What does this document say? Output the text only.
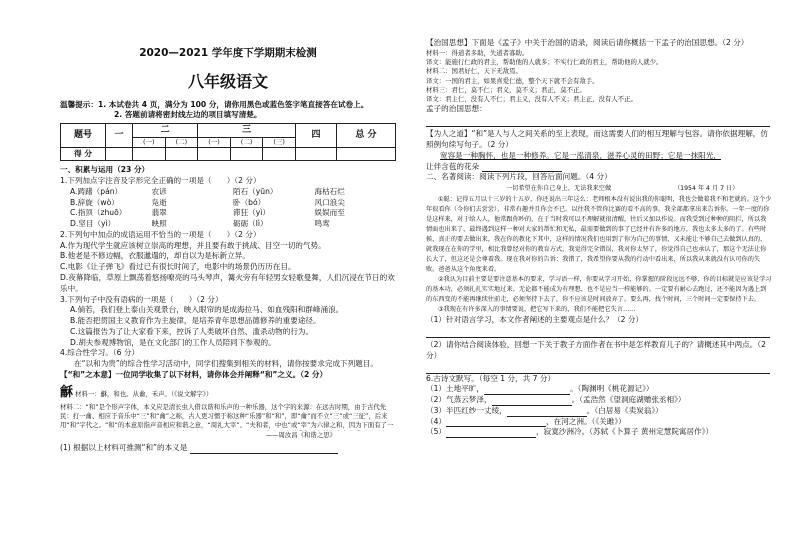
2020—2021 学年度下学期期末检测
八年级语文
温馨提示：1. 本试卷共 4 页，满分为 100 分，请你用黑色或蓝色签字笔直接答在试卷上。
2. 答题前请将密封线左边的项目填写清楚。
题号	一	二		三			四	总 分
		(一)	(二)	(一)	(二)	(三)		
得 分								
一、积累与运用（23 分）
1.下列加点字注音及字形完全正确的一项是（　　）（2 分）
A.踌躇（pán）	农谚	陌石（yūn）	海枯石烂
B.辞旋（wò）	凫逝	卧（bó）	风口浪尖
C.指顶（zhuō）	翡翠	滞狂（yì）	娱娱而至
D.坚目（yì）	映照	砺砺（lì）	鸣鸾
2.下列句中加点的成语运用不恰当的一项是（　　）（2 分）
A.作为现代学生就应该树立崇高的理想，并且要有敢于挑战、目空一切的气势。
B.他老是不修边幅，衣服邋遢的，却自以为是标新立异。
C.电影《让子弹飞》看过已有很长时间了，电影中的场景仍历历在目。
D.夜幕降临，草原上飘荡着悠扬嘹亮的马头琴声，篝火旁有年轻男女轻歌曼舞，人们沉浸在节日的欢乐中。
3.下列句子中没有语病的一项是（　　）（2 分）
A.倘若，我们登上泰山关观景台，映入眼帘的是成海拉马、如血残阳和群峰涌浪。
B.能否把贯国主义教育作为主旋律，是培养青年思想品德修养的重要途径。
C.这篇报告为了让大家看下来，控诉了人类破坏自然、滥杀动物的行为。
D.胡夫参观博物馆，是在文化部门的工作人员陪同下参观的。
4.综合性学习。（6 分）
在“以和为贵”的综合性学习活动中，同学们搜集到相关的材料，请你按要求完成下列题目。
【“和”之本意】一位同学收集了以下材料，请你体会并阐释“和”之义。（2 分）
龢 材料一：龢，和也。从龠，禾声。（《说文解字》）
材料二：“和”是个形声字体，本义应是清长虫人借以谐和乐声的一种乐器，这个字的来源：在远古时期，由于古代先民：打一龠、相应于音乐中“三”和“龠”之称，古人更习惯于称这种“乐器”和“和”，即“龠”而不立“三”或“三征”，后来用“和”字代之。“和”的本意原指声音相应和谐之意，“周礼大宰”、“夫和者，中也”或“宰”为六律之和，因为下面有了一
——周汝昌《和谐之思》
(1) 根据以上材料可推测“和”的本义是
【治国思想】下面是《孟子》中关于治国的语录，阅读后请你概括一下孟子的治国思想。（2 分）
材料一：得道者多助，失道者寡助。
译文：能施行仁政的君主，帮助他的人就多；不实行仁政的君主，帮助他的人就少。
材料二：国君好仁，天下无敌焉。
译文：一国的君主，如果喜爱仁德，整个天下就不会有敌手。
材料三：君仁，莫不仁；君义，莫不义；君正，莫不正。
译文：君主仁，没有人不仁；君主义，没有人不义；君主正，没有人不正。
孟子的治国思想：
【为人之道】“和”是人与人之间关系的至上表现，而这需要人们的相互理解与包容。请你依据理解，仿照例句续写句子。（2 分）
宽容是一种胸怀，也是一种修养。它是一泓清泉，滋养心灵的田野；它是一抹阳光，
让伴含苞的花朵
二、名著阅读：阅读下列片段，回答后面问题。（4 分）
一切希望在你自己身上，无法我来空做	（1954 年 4 月 7 日）
①聪：记得五月以十三岁的十五岁，你还说出三年这么：老师根本没有说出我的你聪明，我也会做着我不和老就的。这个少年很看你（今你们去尝尝），非常有趣并且你会不已。以往我不管你比赛的看不高的事，我全部都拿出来告诉你。一年一度的你是这样来，对于给人人，他常跟你吵的，在于当时我可以不理解就很清醒，往后又加以作说。而我受到过种种的阻拦，所以我情面也出来了，最终遇到这样一种对大家的帮忙和无私，最需要做到的事了已经并有许多的地方，我也太多太多的了。有些时候，真正的要去做出来，我在你的教化下其中，这样的情况我们也用到了你为自己的事情，又未能让不够自己去做到认真的，就我现在在你的学里，相比我曾经对你的教育方式，我觉得完全错误，我对你太坚了，你觉得自己也承认了，那这个无法让你长大了，但这还是会尊着我。现在我对你的告诉：我错了，我希望你要从我的行动中看出来，所以我从来就没有认可你的失败。爸爸从这个角度来看。
②我认为目前主要是要注意基本的要求，学习语一样，你要从学习开始，你掌握的阶段远远不够，你的目标就是应该是学习的基本功，必须扎扎实实地过来。无论都不能成为有理想、也不是应当一样能够的。一定要有耐心去跑过，还不能因为遇上到的东西变的不能再继续往前走，必须坚持下去了，你不应该是时间放弃了。要么再，找个时间，三个时间一定要保持下去。
③我现在有许多深入的事情要说，把它写下来的，我们不能把它失言……
（1）针对语言学习，本文作者阐述的主要观点是什么？（2 分）
（2）请你结合阅读体验，回想一下关于教子方面作者在书中是怎样教育儿子的？请概述其中两点。（2 分）
6.古诗文默写。（每空 1 分，共 7 分）
（1）土地平旷，	。（陶渊明《桃花源记》）
（2）气蒸云梦泽，	。（孟浩然《望洞庭湖赠张丞相》）
（3）半匹红纱一丈绫，	。（白居易《卖炭翁》）
（4）	，在河之洲。（《关雎》）
（5）	，寂寞沙洲冷。（苏轼《卜算子 黄州定慧院寓居作》）
